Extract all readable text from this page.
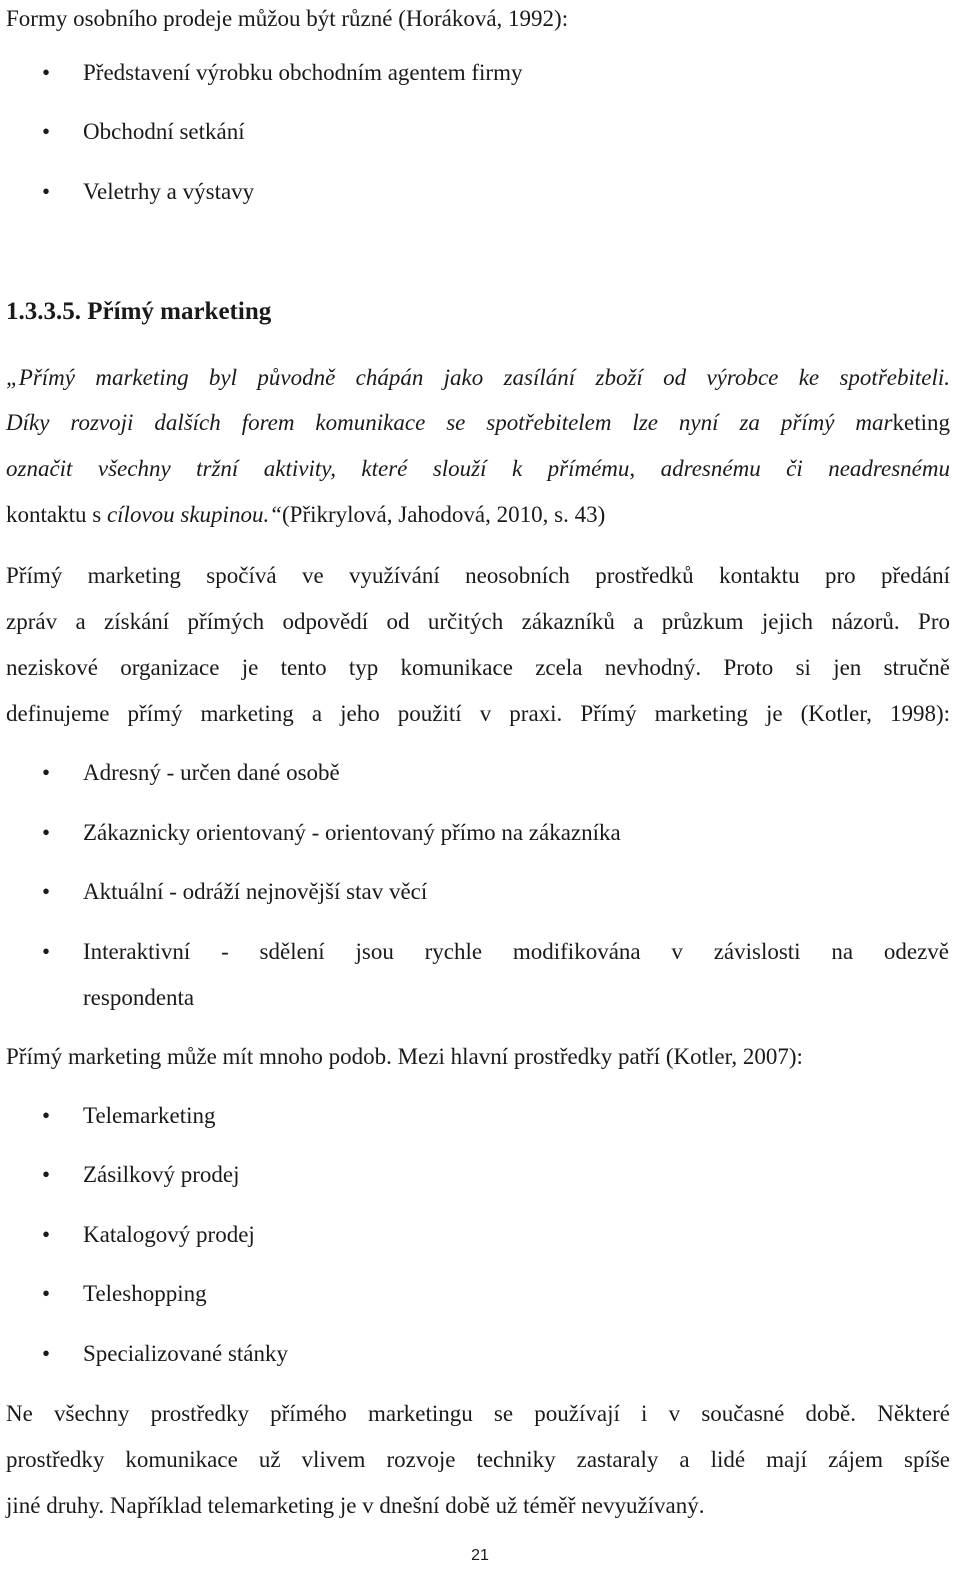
Formy osobního prodeje můžou být různé (Horáková, 1992):
• Představení výrobku obchodním agentem firmy
• Obchodní setkání
• Veletrhy a výstavy
1.3.3.5. Přímý marketing
„Přímý marketing byl původně chápán jako zasílání zboží od výrobce ke spotřebiteli.
Díky rozvoji dalších forem komunikace se spotřebitelem lze nyní za přímý marketing
označit všechny tržní aktivity, které slouží k přímému, adresnému či neadresnému
kontaktu s cílovou skupinou.“(Přikrylová, Jahodová, 2010, s. 43)
Přímý marketing spočívá ve využívání neosobních prostředků kontaktu pro předání
zpráv a získání přímých odpovědí od určitých zákazníků a průzkum jejich názorů. Pro
neziskové organizace je tento typ komunikace zcela nevhodný. Proto si jen stručně
definujeme přímý marketing a jeho použití v praxi. Přímý marketing je (Kotler, 1998):
• Adresný - určen dané osobě
• Zákaznicky orientovaný - orientovaný přímo na zákazníka
• Aktuální - odráží nejnovější stav věcí
• Interaktivní - sdělení jsou rychle modifikována v závislosti na odezvě
respondenta
Přímý marketing může mít mnoho podob. Mezi hlavní prostředky patří (Kotler, 2007):
• Telemarketing
• Zásilkový prodej
• Katalogový prodej
• Teleshopping
• Specializované stánky
Ne všechny prostředky přímého marketingu se používají i v současné době. Některé
prostředky komunikace už vlivem rozvoje techniky zastaraly a lidé mají zájem spíše
jiné druhy. Například telemarketing je v dnešní době už téměř nevyužívaný.
21
